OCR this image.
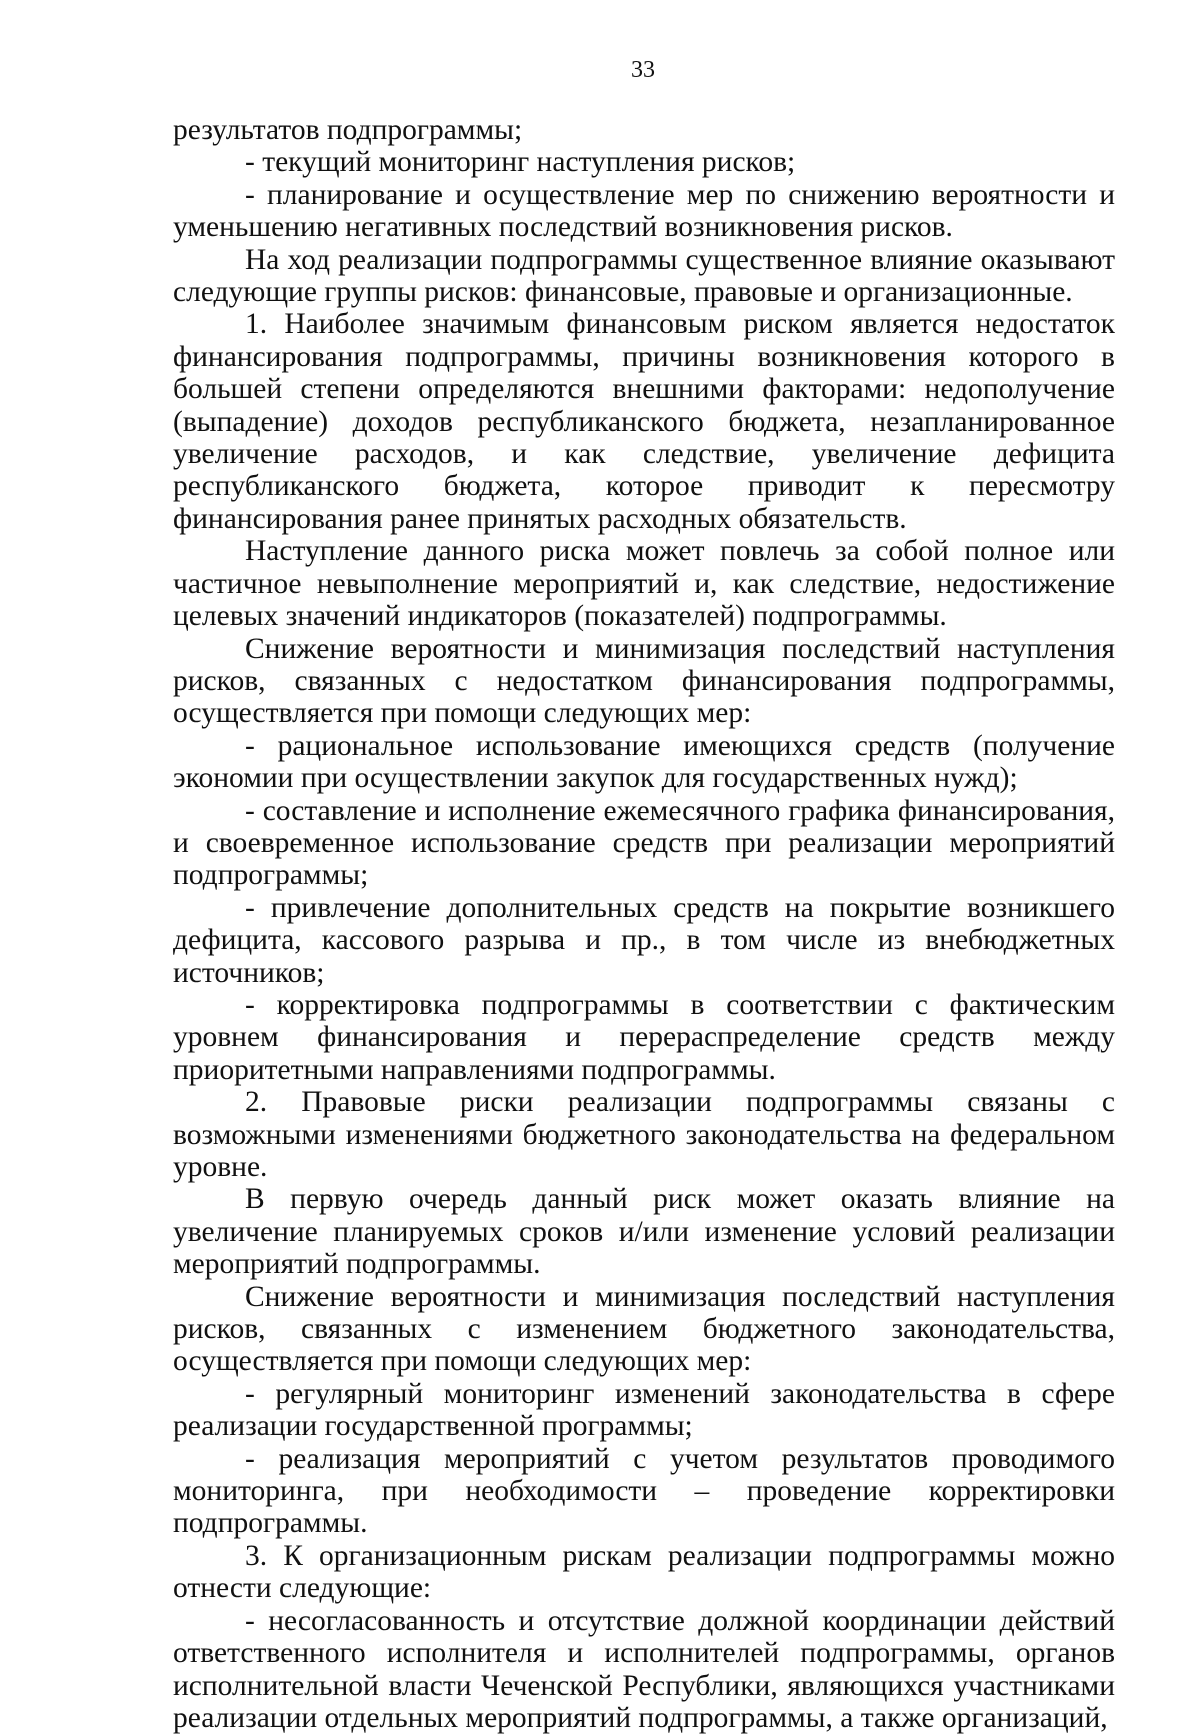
33

результатов подпрограммы;

- текущий мониторинг наступления рисков;

- планирование и осуществление мер по снижению вероятности и уменьшению негативных последствий возникновения рисков.

На ход реализации подпрограммы существенное влияние оказывают следующие группы рисков: финансовые, правовые и организационные.

1. Наиболее значимым финансовым риском является недостаток финансирования подпрограммы, причины возникновения которого в большей степени определяются внешними факторами: недополучение (выпадение) доходов республиканского бюджета, незапланированное увеличение расходов, и как следствие, увеличение дефицита республиканского бюджета, которое приводит к пересмотру финансирования ранее принятых расходных обязательств.

Наступление данного риска может повлечь за собой полное или частичное невыполнение мероприятий и, как следствие, недостижение целевых значений индикаторов (показателей) подпрограммы.

Снижение вероятности и минимизация последствий наступления рисков, связанных с недостатком финансирования подпрограммы, осуществляется при помощи следующих мер:

- рациональное использование имеющихся средств (получение экономии при осуществлении закупок для государственных нужд);

- составление и исполнение ежемесячного графика финансирования, и своевременное использование средств при реализации мероприятий подпрограммы;

- привлечение дополнительных средств на покрытие возникшего дефицита, кассового разрыва и пр., в том числе из внебюджетных источников;

- корректировка подпрограммы в соответствии с фактическим уровнем финансирования и перераспределение средств между приоритетными направлениями подпрограммы.

2. Правовые риски реализации подпрограммы связаны с возможными изменениями бюджетного законодательства на федеральном уровне.

В первую очередь данный риск может оказать влияние на увеличение планируемых сроков и/или изменение условий реализации мероприятий подпрограммы.

Снижение вероятности и минимизация последствий наступления рисков, связанных с изменением бюджетного законодательства, осуществляется при помощи следующих мер:

- регулярный мониторинг изменений законодательства в сфере реализации государственной программы;

- реализация мероприятий с учетом результатов проводимого мониторинга, при необходимости – проведение корректировки подпрограммы.

3. К организационным рискам реализации подпрограммы можно отнести следующие:

- несогласованность и отсутствие должной координации действий ответственного исполнителя и исполнителей подпрограммы, органов исполнительной власти Чеченской Республики, являющихся участниками реализации отдельных мероприятий подпрограммы, а также организаций,
